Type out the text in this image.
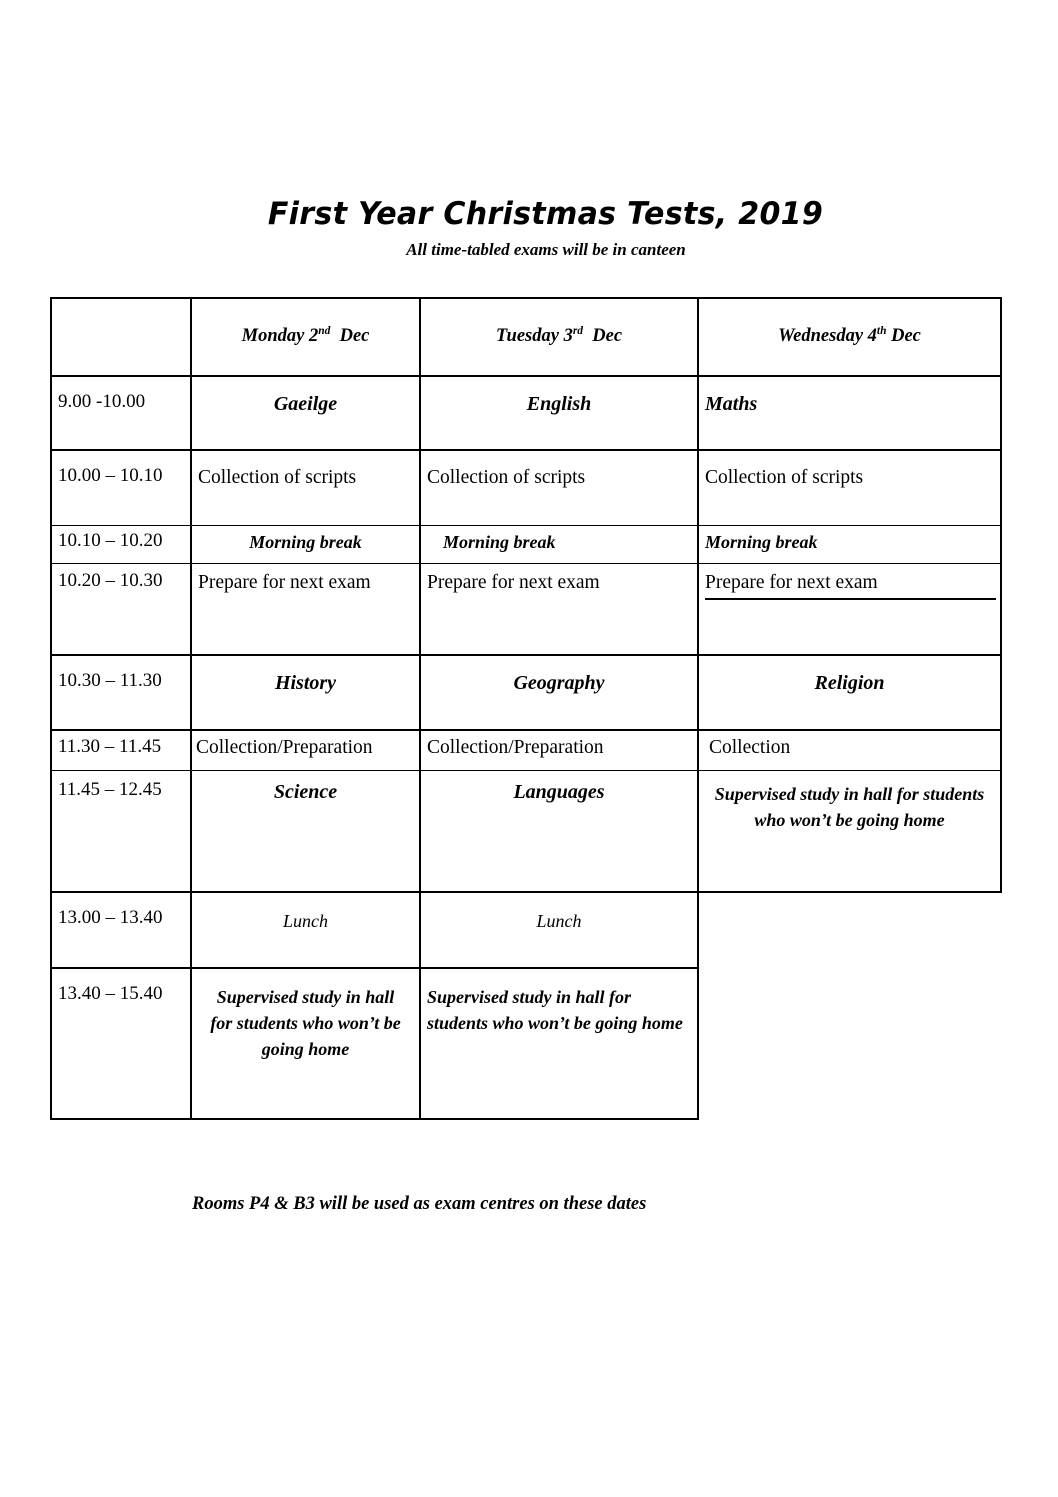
First Year Christmas Tests, 2019
All time-tabled exams will be in canteen

	Monday 2nd Dec	Tuesday 3rd Dec	Wednesday 4th Dec

9.00 -10.00	Gaeilge	English	Maths

10.00 – 10.10	Collection of scripts	Collection of scripts	Collection of scripts

10.10 – 10.20	Morning break	Morning break	Morning break

10.20 – 10.30	Prepare for next exam	Prepare for next exam	Prepare for next exam

10.30 – 11.30	History	Geography	Religion

11.30 – 11.45	Collection/Preparation	Collection/Preparation	Collection

11.45 – 12.45	Science	Languages	Supervised study in hall for students who won’t be going home

13.00 – 13.40	Lunch	Lunch	

13.40 – 15.40	Supervised study in hall for students who won’t be going home	Supervised study in hall for students who won’t be going home	

Rooms P4 & B3 will be used as exam centres on these dates
